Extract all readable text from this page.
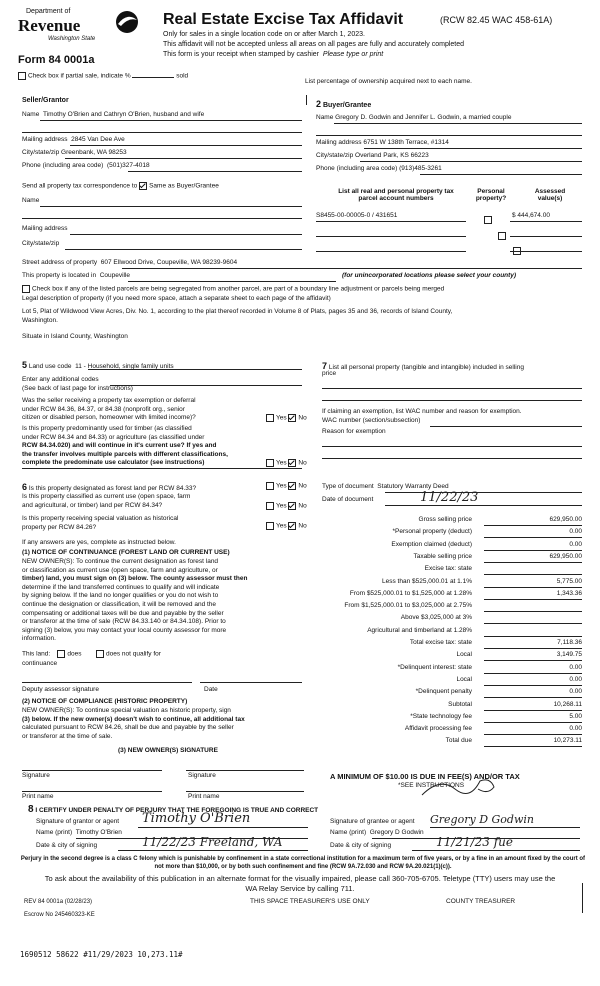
Department of
Revenue
Washington State
Form 84 0001a
Real Estate Excise Tax Affidavit	(RCW 82.45 WAC 458-61A)
Only for sales in a single location code on or after March 1, 2023.
This affidavit will not be accepted unless all areas on all pages are fully and accurately completed
This form is your receipt when stamped by cashier Please type or print
Check box if partial sale, indicate %	sold
List percentage of ownership acquired next to each name.
Seller/Grantor
Name Timothy O'Brien and Cathryn O'Brien, husband and wife
Mailing address 2845 Van Dee Ave
City/state/zip Greenbank, WA 98253
Phone (including area code) (501)327-4018
2 Buyer/Grantee
Name Gregory D. Godwin and Jennifer L. Godwin, a married couple
Mailing address 6751 W 138th Terrace, #1314
City/state/zip Overland Park, KS 66223
Phone (including area code) (913)485-3261
Send all property tax correspondence to Same as Buyer/Grantee
Name
Mailing address
City/state/zip
List all real and personal property tax
parcel account numbers
Personal
property?
Assessed
value(s)
S8455-00-00005-0 / 431651
	$ 444,674.00

Street address of property 607 Ellwood Drive, Coupeville, WA 98239-9604
This property is located in Coupeville	(for unincorporated locations please select your county)
Check box if any of the listed parcels are being segregated from another parcel, are part of a boundary line adjustment or parcels being merged
Legal description of property (if you need more space, attach a separate sheet to each page of the affidavit)
Lot 5, Plat of Wildwood View Acres, Div. No. 1, according to the plat thereof recorded in Volume 8 of Plats, pages 35 and 36, records of Island County,
Washington.
Situate in Island County, Washington
5 Land use code 11 - Household, single family units
Enter any additional codes
(See back of last page for instructions)
Was the seller receiving a property tax exemption or deferral
under RCW 84.36, 84.37, or 84.38 (nonprofit org., senior
citizen or disabled person, homeowner with limited income)?	Yes No
Is this property predominantly used for timber (as classified
under RCW 84.34 and 84.33) or agriculture (as classified under
RCW 84.34.020) and will continue in it's current use? If yes and
the transfer involves multiple parcels with different classifications,
complete the predominate use calculator (see instructions)	Yes No
7 List all personal property (tangible and intangible) included in selling
price
If claiming an exemption, list WAC number and reason for exemption.
WAC number (section/subsection)
Reason for exemption
6 Is this property designated as forest land per RCW 84.33?	Yes No
Is this property classified as current use (open space, farm
and agricultural, or timber) land per RCW 84.34?	Yes No
Is this property receiving special valuation as historical
property per RCW 84.26?	Yes No
Type of document Statutory Warranty Deed
Date of document	11/22/23
If any answers are yes, complete as instructed below.
(1) NOTICE OF CONTINUANCE (FOREST LAND OR CURRENT USE)
NEW OWNER(S): To continue the current designation as forest land
or classification as current use (open space, farm and agriculture, or
timber) land, you must sign on (3) below. The county assessor must then
determine if the land transferred continues to qualify and will indicate
by signing below. If the land no longer qualifies or you do not wish to
continue the designation or classification, it will be removed and the
compensating or additional taxes will be due and payable by the seller
or transferor at the time of sale (RCW 84.33.140 or 84.34.108). Prior to
signing (3) below, you may contact your local county assessor for more
information.
This land:	does	does not qualify for
continuance
Deputy assessor signature	Date
(2) NOTICE OF COMPLIANCE (HISTORIC PROPERTY)
NEW OWNER(S): To continue special valuation as historic property, sign
(3) below. If the new owner(s) doesn't wish to continue, all additional tax
calculated pursuant to RCW 84.26, shall be due and payable by the seller
or transferor at the time of sale.
(3) NEW OWNER(S) SIGNATURE
Signature	Signature
Print name	Print name
Gross selling price	629,950.00
*Personal property (deduct)	0.00
Exemption claimed (deduct)	0.00
Taxable selling price	629,950.00
Excise tax: state
Less than $525,000.01 at 1.1%	5,775.00
From $525,000.01 to $1,525,000 at 1.28%	1,343.36
From $1,525,000.01 to $3,025,000 at 2.75%
Above $3,025,000 at 3%
Agricultural and timberland at 1.28%
Total excise tax: state	7,118.36
Local	3,149.75
*Delinquent interest: state	0.00
Local	0.00
*Delinquent penalty	0.00
Subtotal	10,268.11
*State technology fee	5.00
Affidavit processing fee	0.00
Total due	10,273.11
A MINIMUM OF $10.00 IS DUE IN FEE(S) AND/OR TAX
*SEE INSTRUCTIONS
8 I CERTIFY UNDER PENALTY OF PERJURY THAT THE FOREGOING IS TRUE AND CORRECT
Signature of grantor or agent Timothy O'Brien
Name (print) Timothy O'Brien
Date & city of signing	11/22/23 Freeland, WA
Signature of grantee or agent Gregory D Godwin
Name (print) Gregory D Godwin
Date & city of signing	11/21/23 fue
Perjury in the second degree is a class C felony which is punishable by confinement in a state correctional institution for a maximum term of five years, or by a fine in an amount fixed by the court of not more than $10,000, or by both such confinement and fine (RCW 9A.72.030 and RCW 9A.20.021(1)(c)).
To ask about the availability of this publication in an alternate format for the visually impaired, please call 360-705-6705. Teletype (TTY) users may use the WA Relay Service by calling 711.
REV 84 0001a (02/28/23)	THIS SPACE TREASURER'S USE ONLY	COUNTY TREASURER
Escrow No 245460323-KE
1690512 58622 #11/29/2023 10,273.11#
